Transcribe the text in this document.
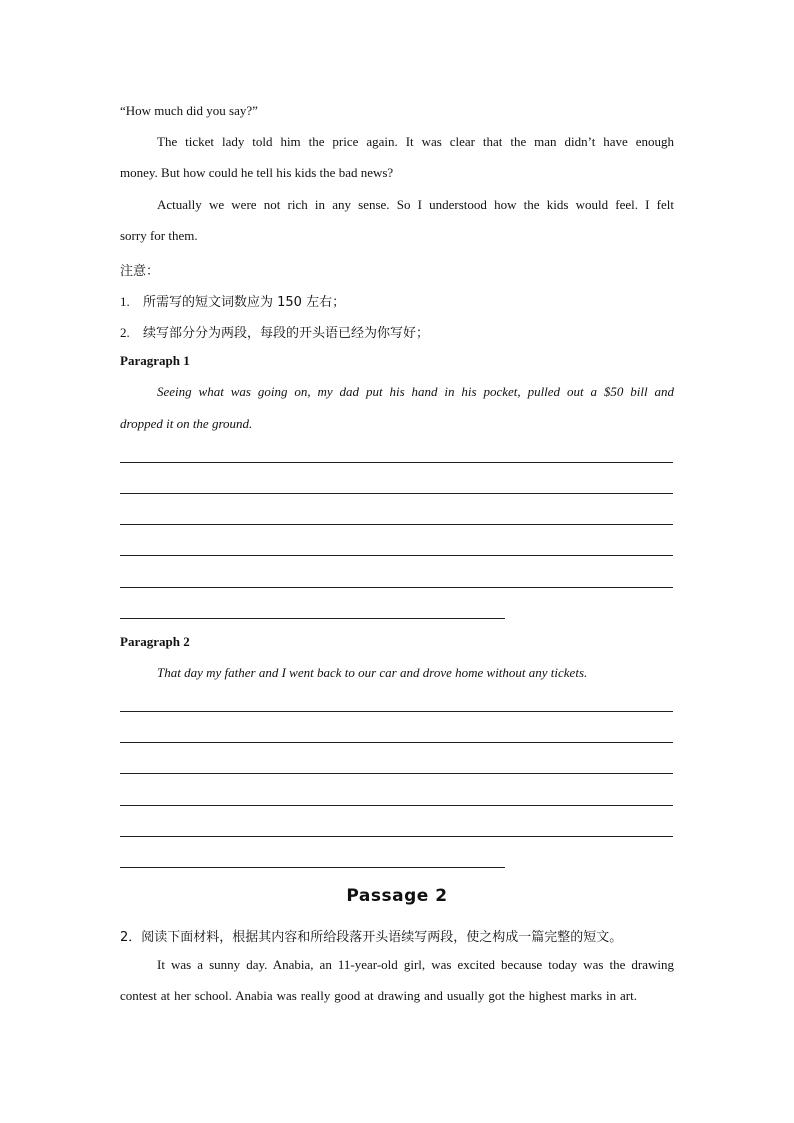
“How much did you say?”
The ticket lady told him the price again. It was clear that the man didn’t have enough
money. But how could he tell his kids the bad news?
Actually we were not rich in any sense. So I understood how the kids would feel. I felt
sorry for them.
注意：
1. 所需写的短文词数应为 150 左右；
2. 续写部分分为两段，每段的开头语已经为你写好；
Paragraph 1
Seeing what was going on, my dad put his hand in his pocket, pulled out a $50 bill and
dropped it on the ground.
Paragraph 2
That day my father and I went back to our car and drove home without any tickets.
Passage 2
2．阅读下面材料，根据其内容和所给段落开头语续写两段，使之构成一篇完整的短文。
It was a sunny day. Anabia, an 11-year-old girl, was excited because today was the drawing
contest at her school. Anabia was really good at drawing and usually got the highest marks in art.
